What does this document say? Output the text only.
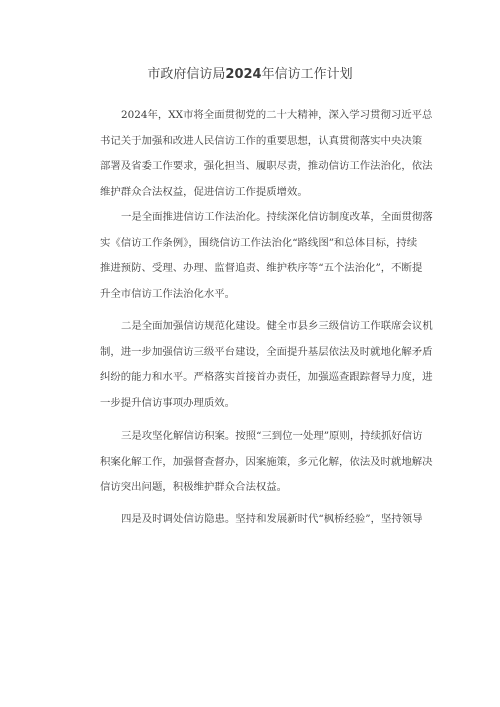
市政府信访局2024年信访工作计划
2024年，XX市将全面贯彻党的二十大精神，深入学习贯彻习近平总
书记关于加强和改进人民信访工作的重要思想，认真贯彻落实中央决策
部署及省委工作要求，强化担当、履职尽责，推动信访工作法治化，依法
维护群众合法权益，促进信访工作提质增效。
一是全面推进信访工作法治化。持续深化信访制度改革，全面贯彻落
实《信访工作条例》，围绕信访工作法治化“路线图”和总体目标，持续
推进预防、受理、办理、监督追责、维护秩序等“五个法治化”，不断提
升全市信访工作法治化水平。
二是全面加强信访规范化建设。健全市县乡三级信访工作联席会议机
制，进一步加强信访三级平台建设，全面提升基层依法及时就地化解矛盾
纠纷的能力和水平。严格落实首接首办责任，加强巡查跟踪督导力度，进
一步提升信访事项办理质效。
三是攻坚化解信访积案。按照“三到位一处理”原则，持续抓好信访
积案化解工作，加强督查督办，因案施策，多元化解，依法及时就地解决
信访突出问题，积极维护群众合法权益。
四是及时调处信访隐患。坚持和发展新时代“枫桥经验”，坚持领导
